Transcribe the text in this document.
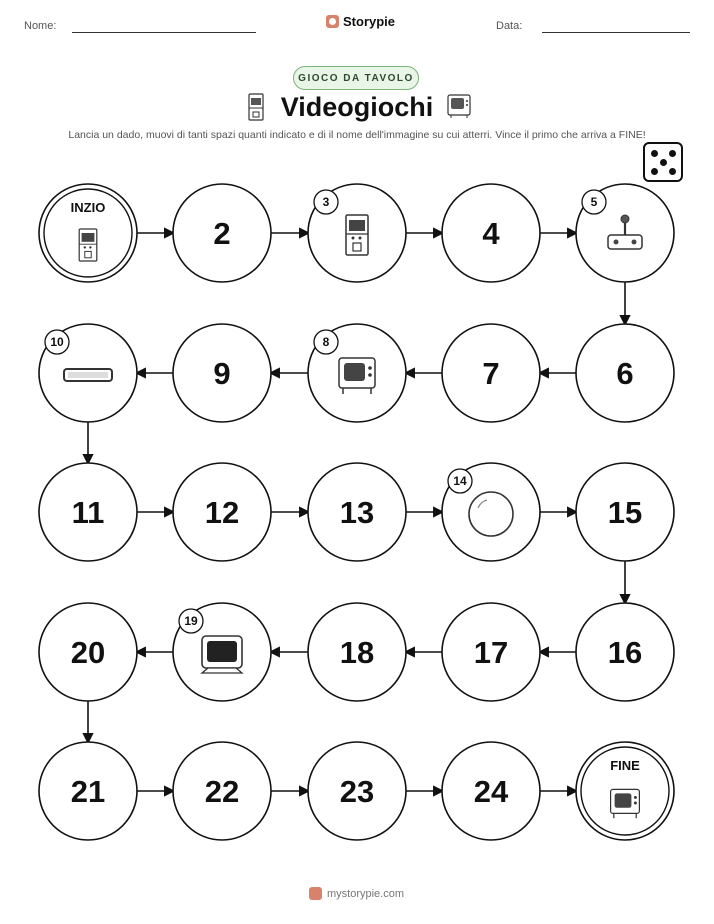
Nome:	Storypie	Data:
GIOCO DA TAVOLO
Videogiochi
Lancia un dado, muovi di tanti spazi quanti indicato e di il nome dell'immagine su cui atterri. Vince il primo che arriva a FINE!
INZIO
2
3
4
5
6
7
8
9
10
11	12	13
14
15
16
17
18
19
20
21	22	23	24
FINE
mystorypie.com
